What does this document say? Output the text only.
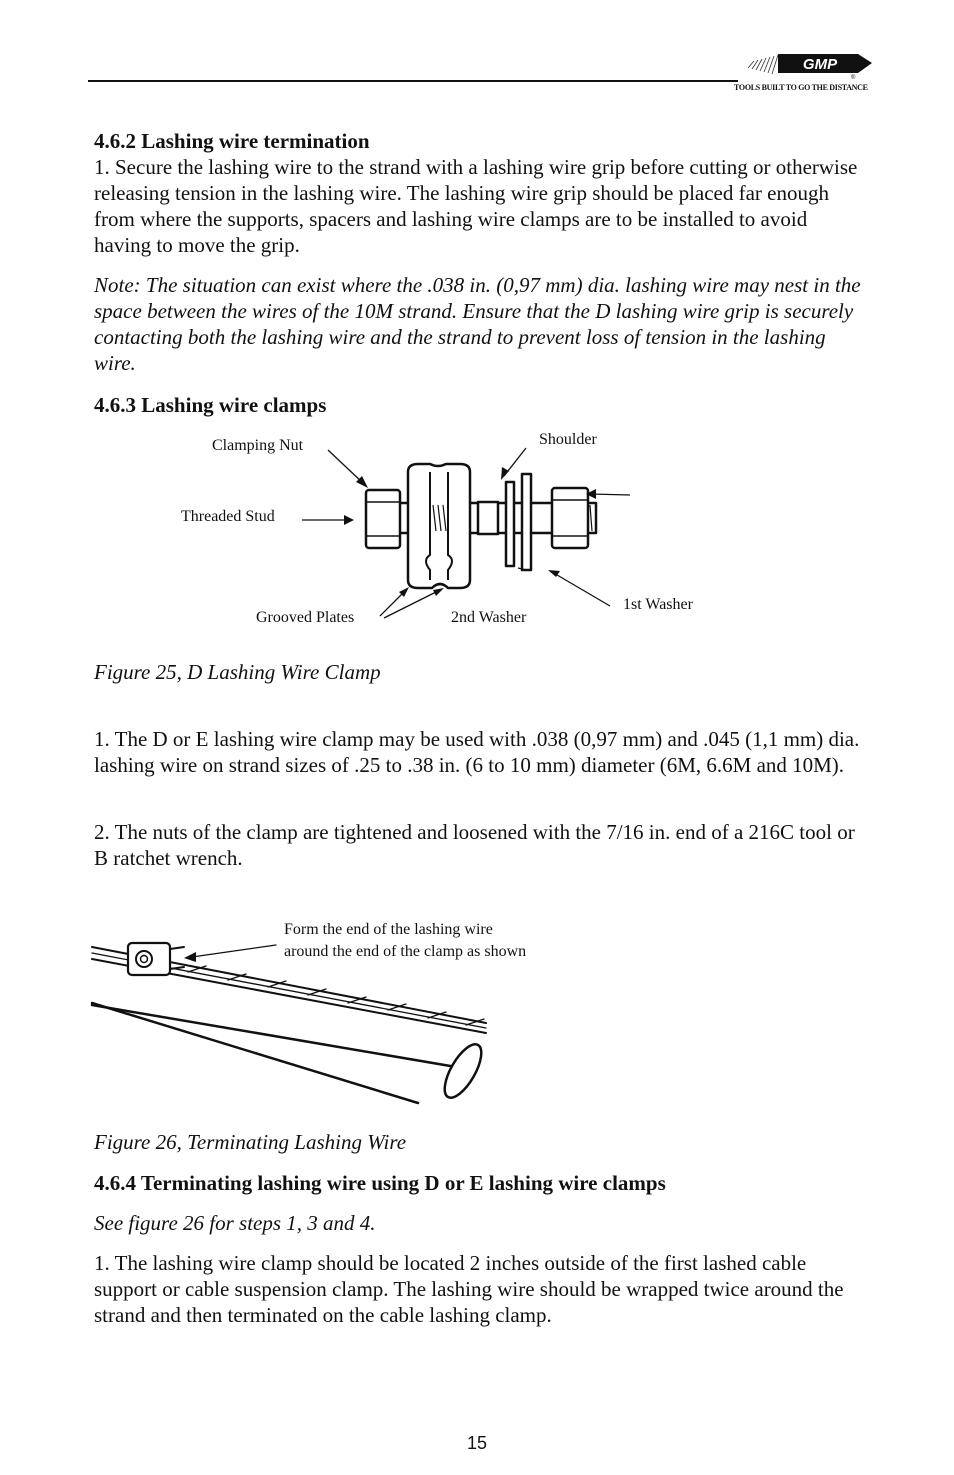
GMP
®
TOOLS BUILT TO GO THE DISTANCE
4.6.2 Lashing wire termination
1. Secure the lashing wire to the strand with a lashing wire grip before cutting or otherwise releasing tension in the lashing wire. The lashing wire grip should be placed far enough from where the supports, spacers and lashing wire clamps are to be installed to avoid having to move the grip.
Note: The situation can exist where the .038 in. (0,97 mm) dia. lashing wire may nest in the space between the wires of the 10M strand. Ensure that the D lashing wire grip is securely contacting both the lashing wire and the strand to prevent loss of tension in the lashing wire.
4.6.3 Lashing wire clamps
Clamping Nut	Shoulder
Threaded Stud
Grooved Plates	2nd Washer
1st Washer
Figure 25, D Lashing Wire Clamp
1. The D or E lashing wire clamp may be used with .038 (0,97 mm) and .045 (1,1 mm) dia. lashing wire on strand sizes of .25 to .38 in. (6 to 10 mm) diameter (6M, 6.6M and 10M).
2. The nuts of the clamp are tightened and loosened with the 7/16 in. end of a 216C tool or B ratchet wrench.
Form the end of the lashing wire
around the end of the clamp as shown
Figure 26, Terminating Lashing Wire
4.6.4 Terminating lashing wire using D or E lashing wire clamps
See figure 26 for steps 1, 3 and 4.
1. The lashing wire clamp should be located 2 inches outside of the first lashed cable support or cable suspension clamp. The lashing wire should be wrapped twice around the strand and then terminated on the cable lashing clamp.
15
